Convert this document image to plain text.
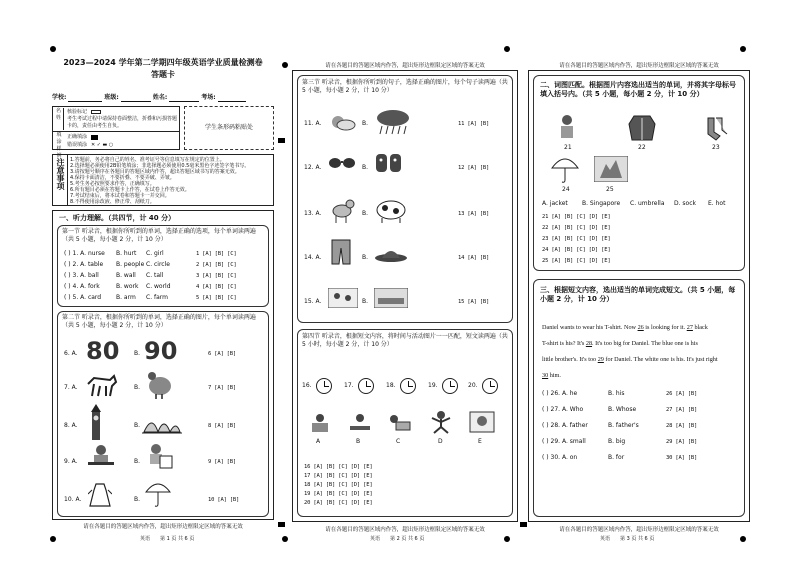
2023—2024 学年第二学期四年级英语学业质量检测卷
答题卡
学校:	班级:	姓名:	考场:
名
姓
核验标记
考生考试过程中请保持卷面整洁，折叠和污损答题卡的，责任由考生自负。
填涂
样例
正确填涂
错误填涂 ✕ ✓ ▬ ○
学生条形码粘贴处
注意事项 1.答题前，务必将自己的姓名、准考证号等信息填写在规定的位置上。
2.选择题必须使用2B铅笔填涂；非选择题必须使用0.5毫米黑色字迹签字笔书写。
3.请按题号顺序在各题目的答题区域内作答，超出答题区域书写的答案无效。
4.保持卡面清洁，不要折叠、不要弄破、弄皱。
5.考生务必按照要求作答，正确填写。
6.所有题目必须在答题卡上作答，在试卷上作答无效。
7.考试结束后，将本试卷和答题卡一并交回。
8.不得使用涂改液、修正带、刮纸刀。
一、听力理解。（共四节，计 40 分）
第一节 听录音，根据你所听到的单词，选择正确的选项，每个单词读两遍（共 5 小题，每小题 2 分，计 10 分）
( ) 1. A. nurse	B. hurt	C. girl	1 [A] [B] [C]
( ) 2. A. table	B. people C. circle	2 [A] [B] [C]
( ) 3. A. ball	B. wall	C. tall	3 [A] [B] [C]
( ) 4. A. fork	B. work	C. world	4 [A] [B] [C]
( ) 5. A. card	B. arm	C. farm	5 [A] [B] [C]
第二节 听录音，根据你所听到的单词，选择正确的图片，每个单词读两遍（共 5 小题，每小题 2 分，计 10 分）
6. A. 80 B. 90	6 [A] [B]
7. A.	B.	7 [A] [B]
8. A.	B.	8 [A] [B]
9. A.	B.	9 [A] [B]
10. A.	B.	10 [A] [B]
请在各题目的答题区域内作答，超出矩形边框限定区域的答案无效
请在各题目的答题区域内作答，超出矩形边框限定区域的答案无效
第三节 听录音，根据你所听到的句子，选择正确的图片，每个句子读两遍（共 5 小题，每小题 2 分，计 10 分）
11. A.	B.	11 [A] [B]
12. A.	B.	12 [A] [B]
13. A.	B.	13 [A] [B]
14. A.	B.	14 [A] [B]
15. A.	B.	15 [A] [B]
第四节 听录音，根据短文内容，将时间与活动图片一一匹配，短文读两遍（共 5 小时，每小题 2 分，计 10 分）
16.	17.	18.	19.	20.
A	B	C	D	E
16 [A] [B] [C] [D] [E]
17 [A] [B] [C] [D] [E]
18 [A] [B] [C] [D] [E]
19 [A] [B] [C] [D] [E]
20 [A] [B] [C] [D] [E]
请在各题目的答题区域内作答，超出矩形边框限定区域的答案无效
请在各题目的答题区域内作答，超出矩形边框限定区域的答案无效
二、词图匹配。根据图片内容选出适当的单词，并将其字母标号填入括号内。（共 5 小题，每小题 2 分，计 10 分）
21	22	23
24	25
A. jacket	B. Singapore	C. umbrella	D. sock	E. hot
21 [A] [B] [C] [D] [E]
22 [A] [B] [C] [D] [E]
23 [A] [B] [C] [D] [E]
24 [A] [B] [C] [D] [E]
25 [A] [B] [C] [D] [E]
三、根据短文内容，选出适当的单词完成短文。（共 5 小题，每小题 2 分，计 10 分）
Daniel wants to wear his T-shirt. Now 26 is looking for it. 27 black
T-shirt is his? It's 28. It's too big for Daniel. The blue one is his
little brother's. It's too 29 for Daniel. The white one is his. It's just right
30 him.
( ) 26. A. he	B. his	26 [A] [B]
( ) 27. A. Who	B. Whose	27 [A] [B]
( ) 28. A. father	B. father's	28 [A] [B]
( ) 29. A. small	B. big	29 [A] [B]
( ) 30. A. on	B. for	30 [A] [B]
请在各题目的答题区域内作答，超出矩形边框限定区域的答案无效
英语 第 1 页 共 6 页	英语 第 2 页 共 6 页	英语 第 3 页 共 6 页
